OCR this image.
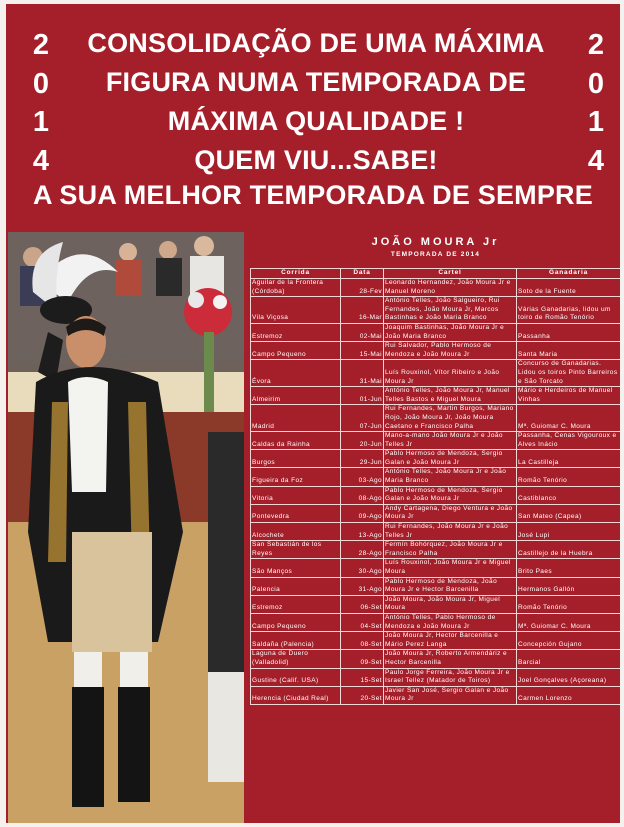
2
0
1
4
2
0
1
4
CONSOLIDAÇÃO DE UMA MÁXIMA
FIGURA NUMA TEMPORADA DE
MÁXIMA QUALIDADE !
QUEM VIU...SABE!
A SUA MELHOR TEMPORADA DE SEMPRE
JOÃO MOURA Jr
TEMPORADA DE 2014
Corrida	Data	Cartel	Ganadaria
Aguilar de la Frontera (Córdoba)	28-Fev	Leonardo Hernandez, João Moura Jr e Manuel Moreno	Soto de la Fuente
Vila Viçosa	16-Mar	António Telles, João Salgueiro, Rui Fernandes, João Moura Jr, Marcos Bastinhas e João Maria Branco	Várias Ganadarias, lidou um toiro de Romão Tenório
Estremoz	02-Mai	Joaquim Bastinhas, João Moura Jr e João Maria Branco	Passanha
Campo Pequeno	15-Mai	Rui Salvador, Pablo Hermoso de Mendoza e João Moura Jr	Santa Maria
Évora	31-Mai	Luís Rouxinol, Vítor Ribeiro e João Moura Jr	Concurso de Ganadarias. Lidou os toiros Pinto Barreiros e São Torcato
Almeirim	01-Jun	António Telles, João Moura Jr, Manuel Telles Bastos e Miguel Moura	Mário e Herdeiros de Manuel Vinhas
Madrid	07-Jun	Rui Fernandes, Martin Burgos, Mariano Rojo, João Moura Jr, João Moura Caetano e Francisco Palha	Mª. Guiomar C. Moura
Caldas da Rainha	20-Jun	Mano-a-mano João Moura Jr e João Telles Jr	Passanha, Cenas Vigouroux e Alves Inácio
Burgos	29-Jun	Pablo Hermoso de Mendoza, Sergio Galan e João Moura Jr	La Castilleja
Figueira da Foz	03-Ago	António Telles, João Moura Jr e João Maria Branco	Romão Tenório
Vitoria	08-Ago	Pablo Hermoso de Mendoza, Sergio Galan e João Moura Jr	Castiblanco
Pontevedra	09-Ago	Andy Cartagena, Diego Ventura e João Moura Jr	San Mateo (Capea)
Alcochete	13-Ago	Rui Fernandes, João Moura Jr e João Telles Jr	José Lupi
San Sebastián de los Reyes	28-Ago	Fermín Bohórquez, João Moura Jr e Francisco Palha	Castillejo de la Huebra
São Manços	30-Ago	Luís Rouxinol, João Moura Jr e Miguel Moura	Brito Paes
Palencia	31-Ago	Pablo Hermoso de Mendoza, João Moura Jr e Hector Barcenilla	Hermanos Gallón
Estremoz	06-Set	João Moura, João Moura Jr, Miguel Moura	Romão Tenório
Campo Pequeno	04-Set	António Telles, Pablo Hermoso de Mendoza e João Moura Jr	Mª. Guiomar C. Moura
Saldaña (Palencia)	08-Set	João Moura Jr, Hector Barcenilla e Mário Perez Langa	Concepción Gujano
Laguna de Duero (Valladolid)	09-Set	João Moura Jr, Roberto Armendáriz e Hector Barcenilla	Barcial
Gustine (Calif. USA)	15-Set	Paulo Jorge Ferreira, João Moura Jr e Israel Tellez (Matador de Toiros)	Joel Gonçalves (Açoreana)
Herencia (Ciudad Real)	20-Set	Javier San José, Sergio Galan e João Moura Jr	Carmen Lorenzo
